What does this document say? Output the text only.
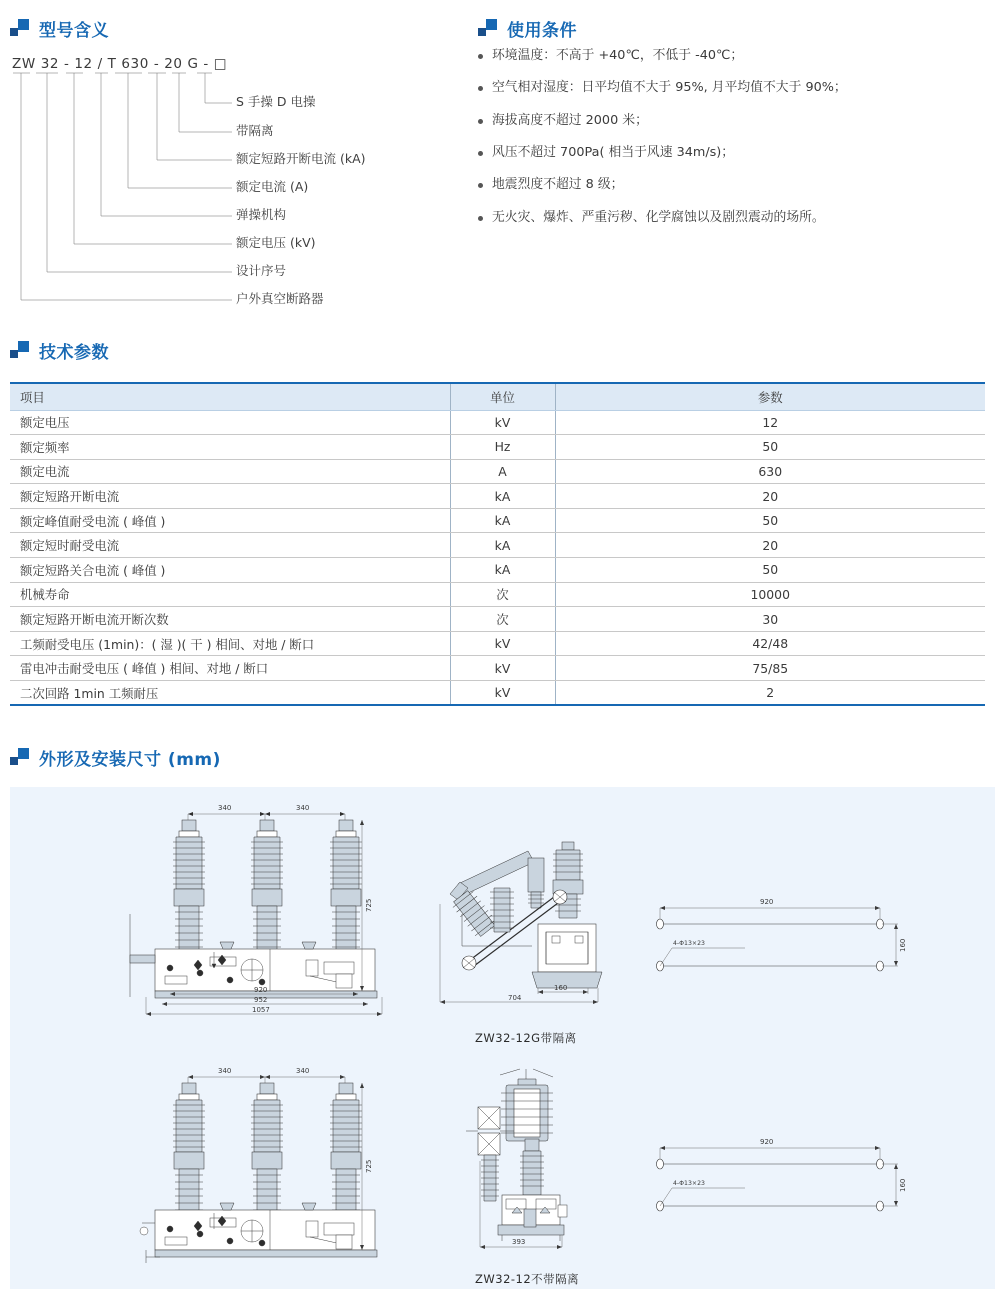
型号含义	使用条件
ZW 32 - 12 / T 630 - 20 G - □
S 手操 D 电操
带隔离
额定短路开断电流 (kA)
额定电流 (A)
弹操机构
额定电压 (kV)
设计序号
户外真空断路器
环境温度：不高于 +40℃，不低于 -40℃；
空气相对湿度：日平均值不大于 95%, 月平均值不大于 90%；
海拔高度不超过 2000 米；
风压不超过 700Pa( 相当于风速 34m/s)；
地震烈度不超过 8 级；
无火灾、爆炸、严重污秽、化学腐蚀以及剧烈震动的场所。
技术参数
项目	单位	参数
额定电压	kV	12
额定频率	Hz	50
额定电流	A	630
额定短路开断电流	kA	20
额定峰值耐受电流 ( 峰值 )	kA	50
额定短时耐受电流	kA	20
额定短路关合电流 ( 峰值 )	kA	50
机械寿命	次	10000
额定短路开断电流开断次数	次	30
工频耐受电压 (1min)：( 湿 )( 干 ) 相间、对地 / 断口	kV	42/48
雷电冲击耐受电压 ( 峰值 ) 相间、对地 / 断口	kV	75/85
二次回路 1min 工频耐压	kV	2
外形及安装尺寸 (mm)
340	340
725
920
952
1057
704
160
ZW32-12G带隔离
920
160
4-Φ13×23
340	340
725
393
ZW32-12不带隔离
920
160
4-Φ13×23
